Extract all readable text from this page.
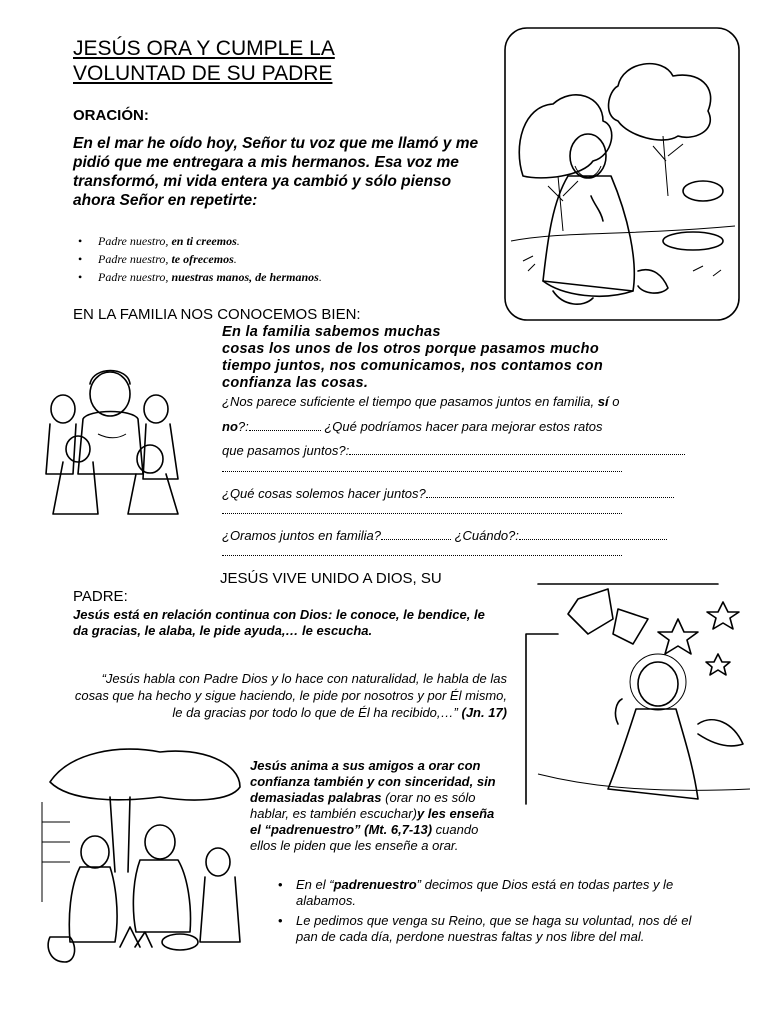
JESÚS ORA Y CUMPLE LA
VOLUNTAD DE SU PADRE
ORACIÓN:
En el mar he oído hoy, Señor tu voz que me llamó y me pidió que me entregara a mis hermanos. Esa voz me transformó, mi vida entera ya cambió y sólo pienso ahora Señor en repetirte:
• Padre nuestro, en ti creemos.
• Padre nuestro, te ofrecemos.
• Padre nuestro, nuestras manos, de hermanos.
EN LA FAMILIA NOS CONOCEMOS BIEN:
En la familia sabemos muchas
cosas los unos de los otros porque pasamos mucho
tiempo juntos, nos comunicamos, nos contamos con
confianza las cosas.
¿Nos parece suficiente el tiempo que pasamos juntos en familia, sí o
no?:	¿Qué podríamos hacer para mejorar estos ratos
que pasamos juntos?:
¿Qué cosas solemos hacer juntos?
¿Oramos juntos en familia?	¿Cuándo?:
JESÚS VIVE UNIDO A DIOS, SU
PADRE:
Jesús está en relación continua con Dios: le conoce, le bendice, le da gracias, le alaba, le pide ayuda,… le escucha.
“Jesús habla con Padre Dios y lo hace con naturalidad, le habla de las cosas que ha hecho y sigue haciendo, le pide por nosotros y por Él mismo, le da gracias por todo lo que de Él ha recibido,…” (Jn. 17)
Jesús anima a sus amigos a orar con confianza también y con sinceridad, sin demasiadas palabras (orar no es sólo hablar, es también escuchar)y les enseña el “padrenuestro” (Mt. 6,7-13) cuando ellos le piden que les enseñe a orar.
• En el “padrenuestro” decimos que Dios está en todas partes y le alabamos.
• Le pedimos que venga su Reino, que se haga su voluntad, nos dé el pan de cada día, perdone nuestras faltas y nos libre del mal.
